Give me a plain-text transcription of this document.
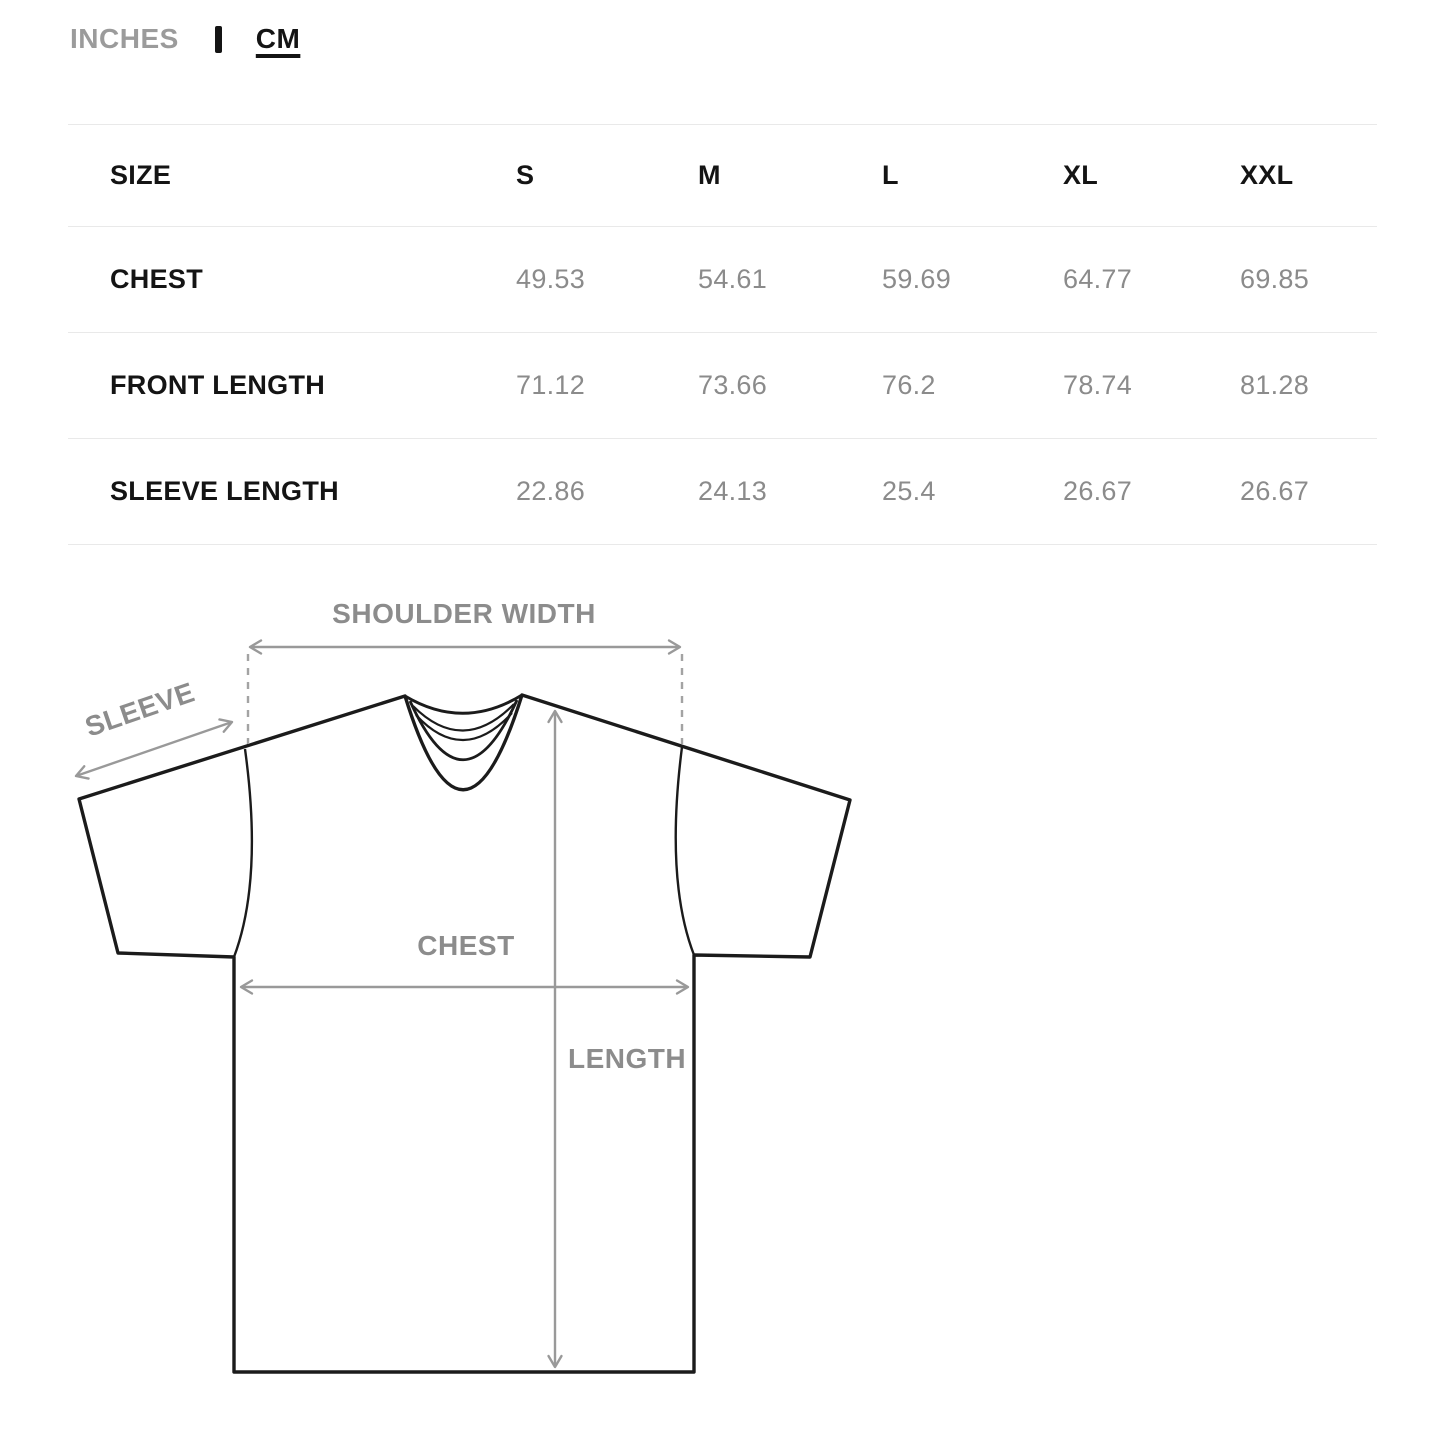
INCHES	CM
SIZE	S	M	L	XL	XXL
CHEST	49.53	54.61	59.69	64.77	69.85
FRONT LENGTH	71.12	73.66	76.2	78.74	81.28
SLEEVE LENGTH	22.86	24.13	25.4	26.67	26.67
SHOULDER WIDTH
SLEEVE
CHEST
LENGTH
